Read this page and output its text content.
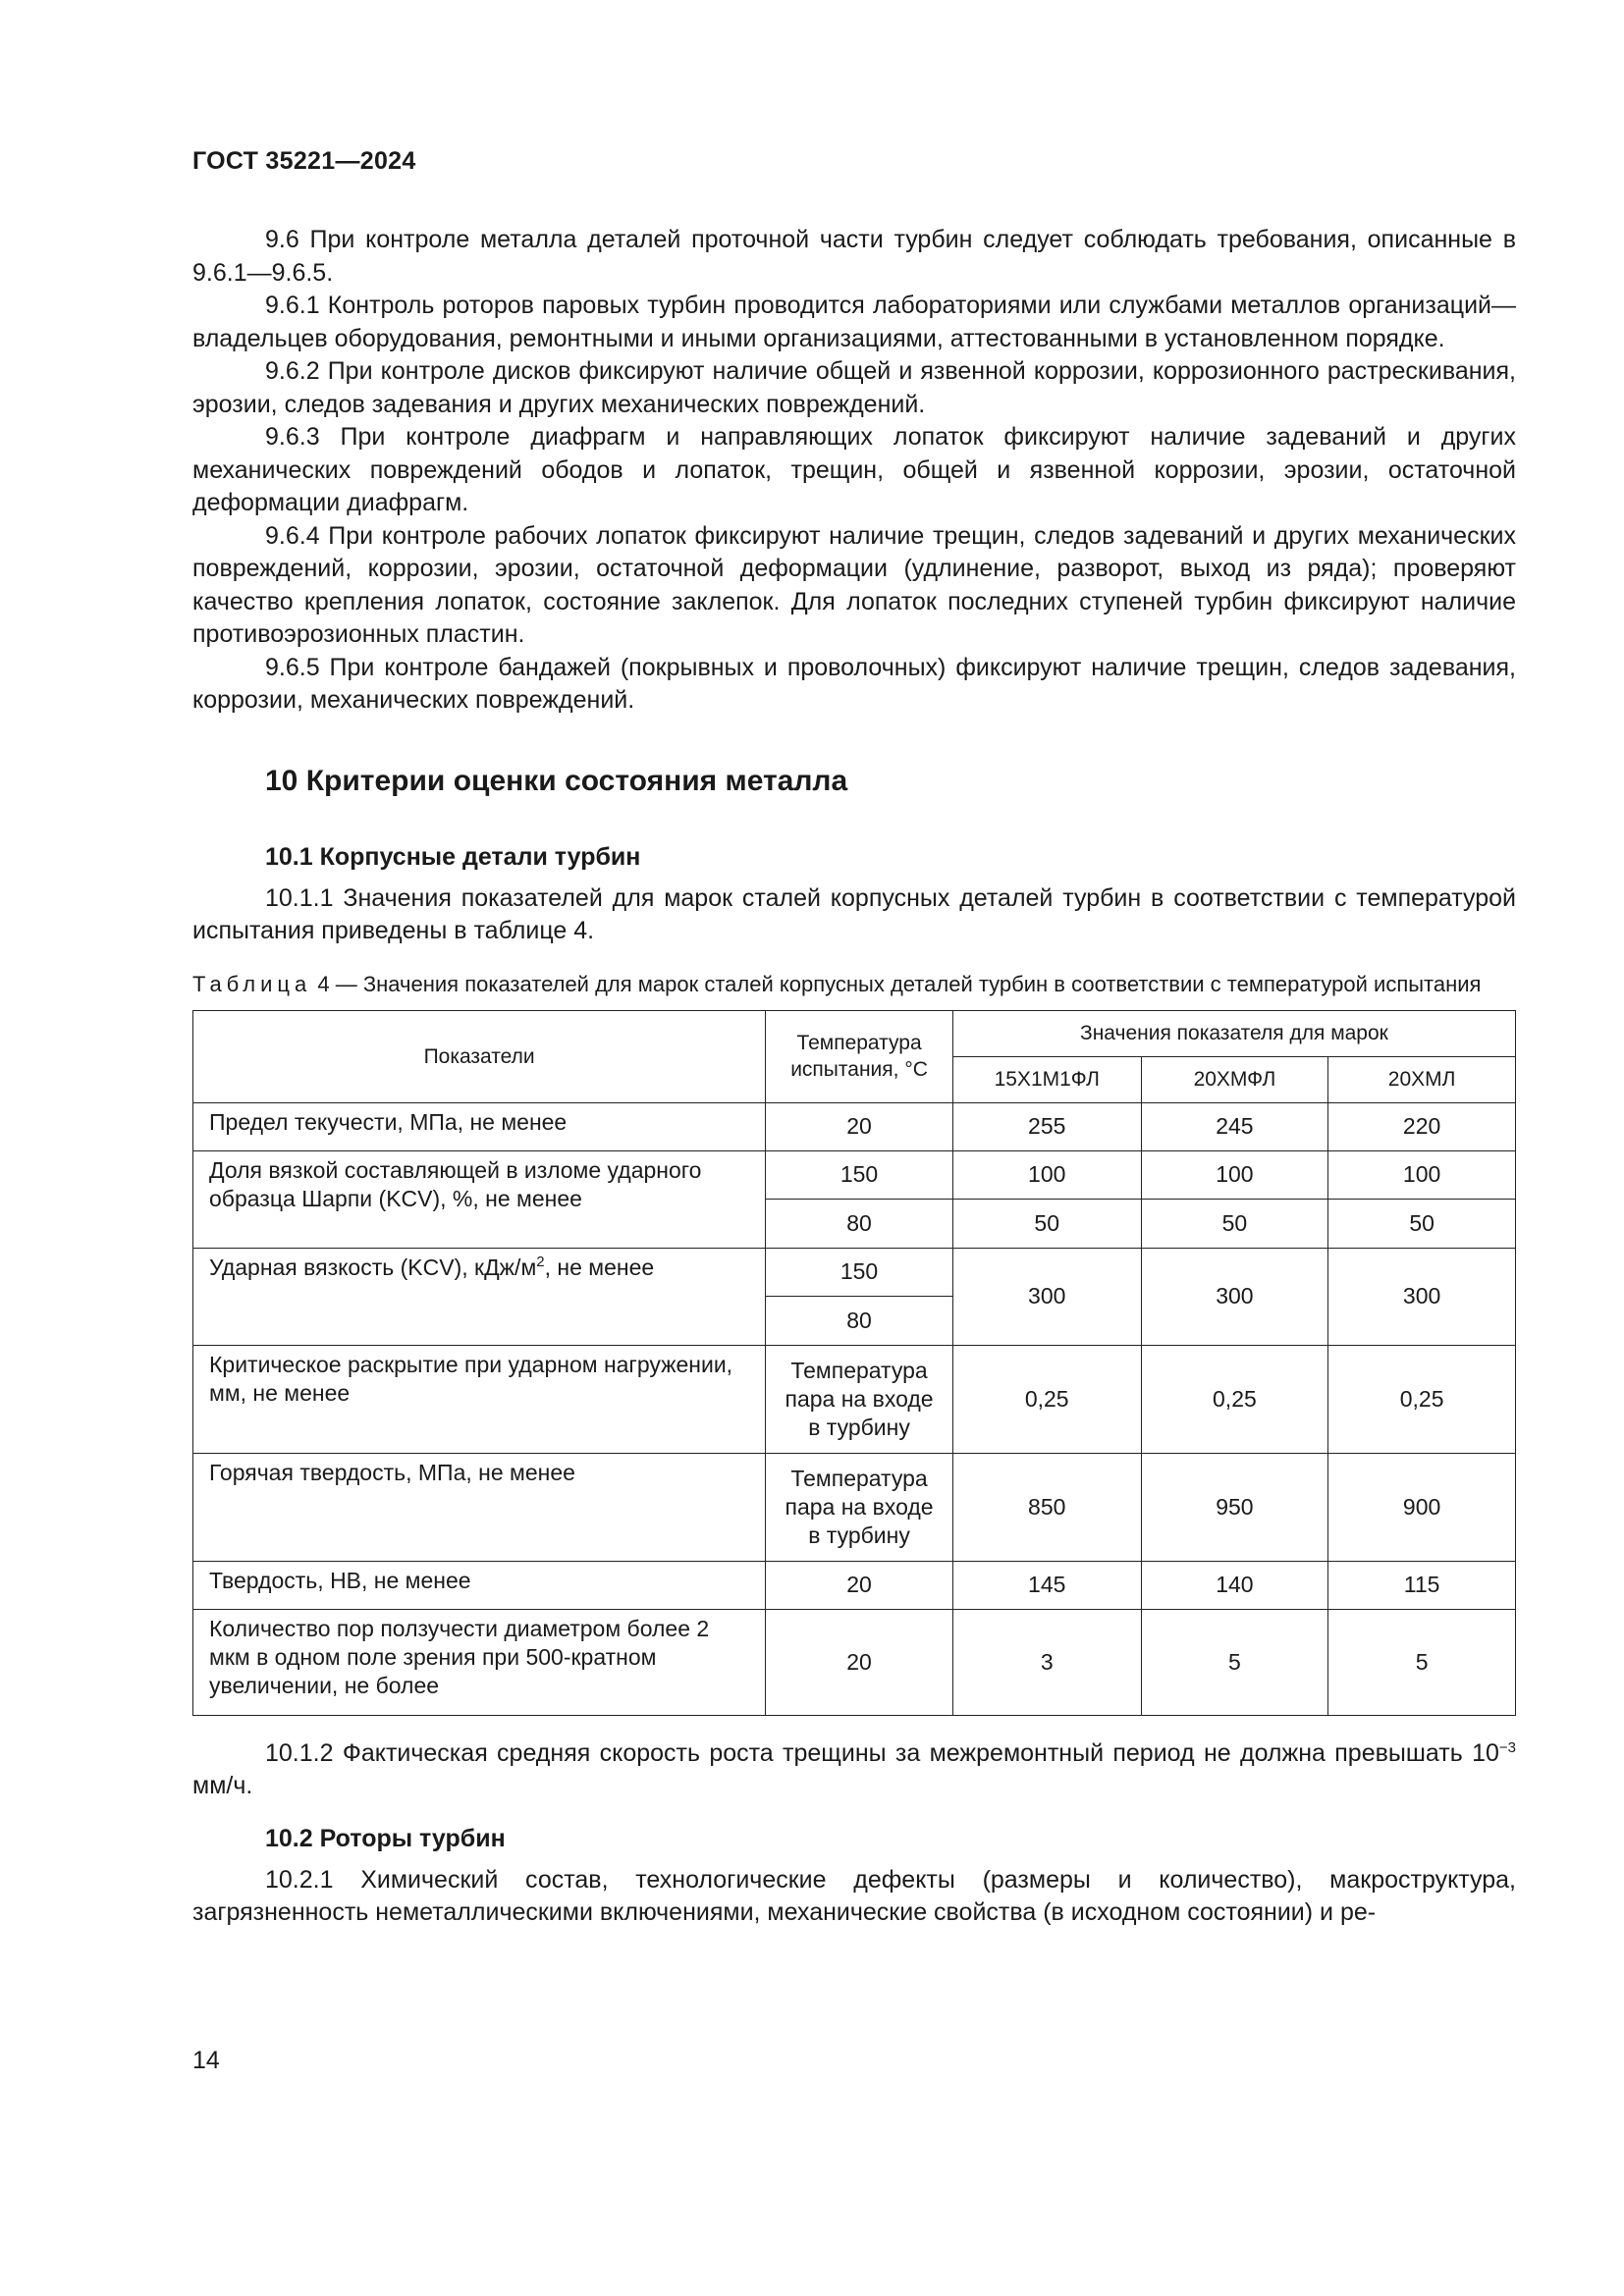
ГОСТ 35221—2024

9.6 При контроле металла деталей проточной части турбин следует соблюдать требования, описанные в 9.6.1—9.6.5.

9.6.1 Контроль роторов паровых турбин проводится лабораториями или службами металлов организаций—владельцев оборудования, ремонтными и иными организациями, аттестованными в установленном порядке.

9.6.2 При контроле дисков фиксируют наличие общей и язвенной коррозии, коррозионного растрескивания, эрозии, следов задевания и других механических повреждений.

9.6.3 При контроле диафрагм и направляющих лопаток фиксируют наличие задеваний и других механических повреждений ободов и лопаток, трещин, общей и язвенной коррозии, эрозии, остаточной деформации диафрагм.

9.6.4 При контроле рабочих лопаток фиксируют наличие трещин, следов задеваний и других механических повреждений, коррозии, эрозии, остаточной деформации (удлинение, разворот, выход из ряда); проверяют качество крепления лопаток, состояние заклепок. Для лопаток последних ступеней турбин фиксируют наличие противоэрозионных пластин.

9.6.5 При контроле бандажей (покрывных и проволочных) фиксируют наличие трещин, следов задевания, коррозии, механических повреждений.

10 Критерии оценки состояния металла
10.1 Корпусные детали турбин

10.1.1 Значения показателей для марок сталей корпусных деталей турбин в соответствии с температурой испытания приведены в таблице 4.

Таблица 4 — Значения показателей для марок сталей корпусных деталей турбин в соответствии с температурой испытания

Показатели	Температура испытания, °C	Значения показателя для марок		
		15Х1М1ФЛ	20ХМФЛ	20ХМЛ
Предел текучести, МПа, не менее	20	255	245	220
Доля вязкой составляющей в изломе ударного образца Шарпи (KCV), %, не менее	150	100	100	100
	80	50	50	50
Ударная вязкость (KCV), кДж/$м^2$, не менее	150	300	300	300
	80			
Критическое раскрытие при ударном нагружении, мм, не менее	Температура пара на входе в турбину	0,25	0,25	0,25
Горячая твердость, МПа, не менее	Температура пара на входе в турбину	850	950	900
Твердость, НВ, не менее	20	145	140	115
Количество пор ползучести диаметром более 2 мкм в одном поле зрения при 500-кратном увеличении, не более	20	3	5	5

10.1.2 Фактическая средняя скорость роста трещины за межремонтный период не должна превышать $10^{-3}$ мм/ч.

10.2 Роторы турбин

10.2.1 Химический состав, технологические дефекты (размеры и количество), макроструктура, загрязненность неметаллическими включениями, механические свойства (в исходном состоянии) и ре-

14
